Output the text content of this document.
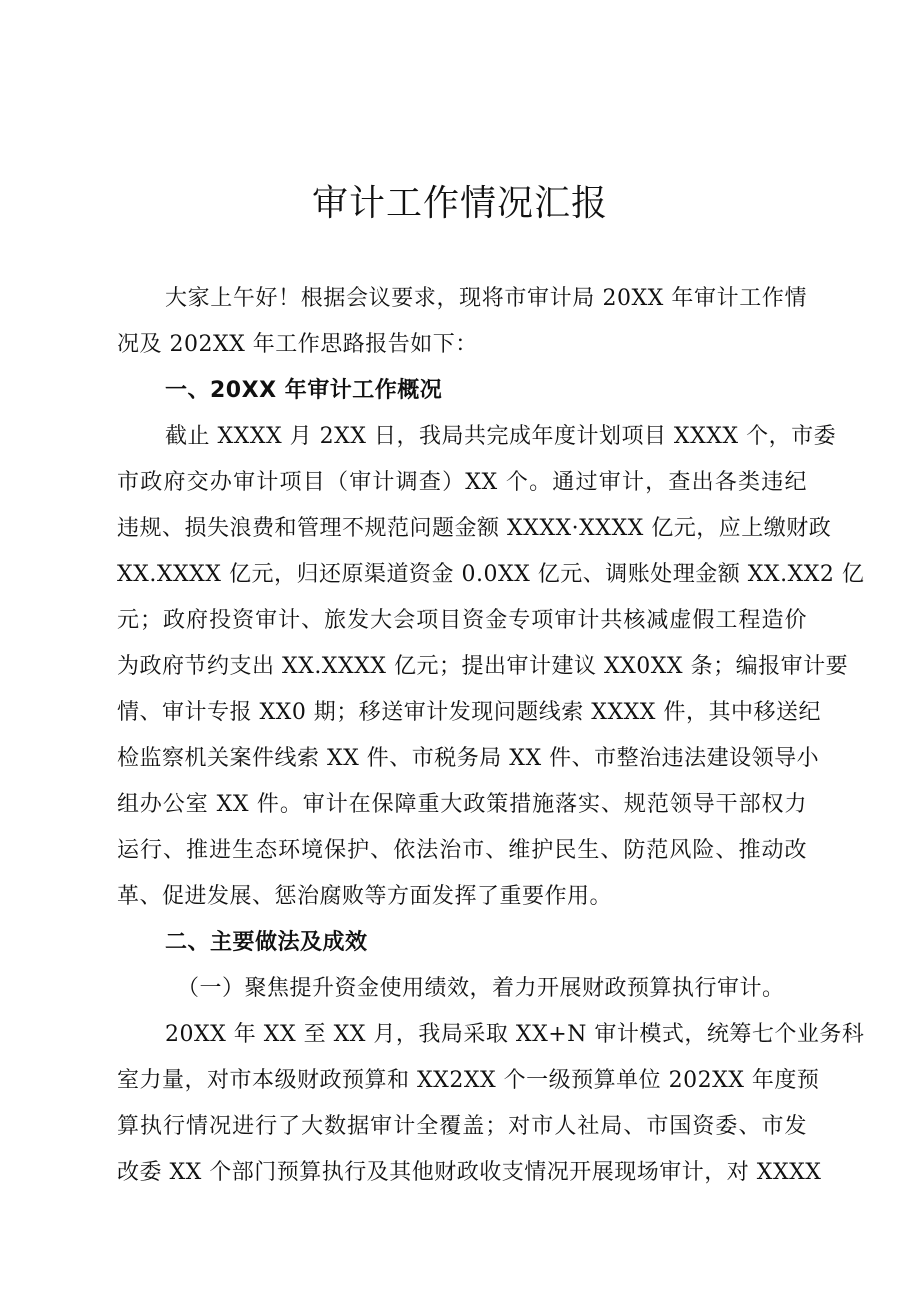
审计工作情况汇报
大家上午好！根据会议要求，现将市审计局 20XX 年审计工作情
况及 202XX 年工作思路报告如下：
一、20XX 年审计工作概况
截止 XXXX 月 2XX 日，我局共完成年度计划项目 XXXX 个，市委
市政府交办审计项目（审计调查）XX 个。通过审计，查出各类违纪
违规、损失浪费和管理不规范问题金额 XXXX·XXXX 亿元，应上缴财政
XX.XXXX 亿元，归还原渠道资金 0.0XX 亿元、调账处理金额 XX.XX2 亿
元；政府投资审计、旅发大会项目资金专项审计共核减虚假工程造价
为政府节约支出 XX.XXXX 亿元；提出审计建议 XX0XX 条；编报审计要
情、审计专报 XX0 期；移送审计发现问题线索 XXXX 件，其中移送纪
检监察机关案件线索 XX 件、市税务局 XX 件、市整治违法建设领导小
组办公室 XX 件。审计在保障重大政策措施落实、规范领导干部权力
运行、推进生态环境保护、依法治市、维护民生、防范风险、推动改
革、促进发展、惩治腐败等方面发挥了重要作用。
二、主要做法及成效
（一）聚焦提升资金使用绩效，着力开展财政预算执行审计。
20XX 年 XX 至 XX 月，我局采取 XX+N 审计模式，统筹七个业务科
室力量，对市本级财政预算和 XX2XX 个一级预算单位 202XX 年度预
算执行情况进行了大数据审计全覆盖；对市人社局、市国资委、市发
改委 XX 个部门预算执行及其他财政收支情况开展现场审计，对 XXXX
